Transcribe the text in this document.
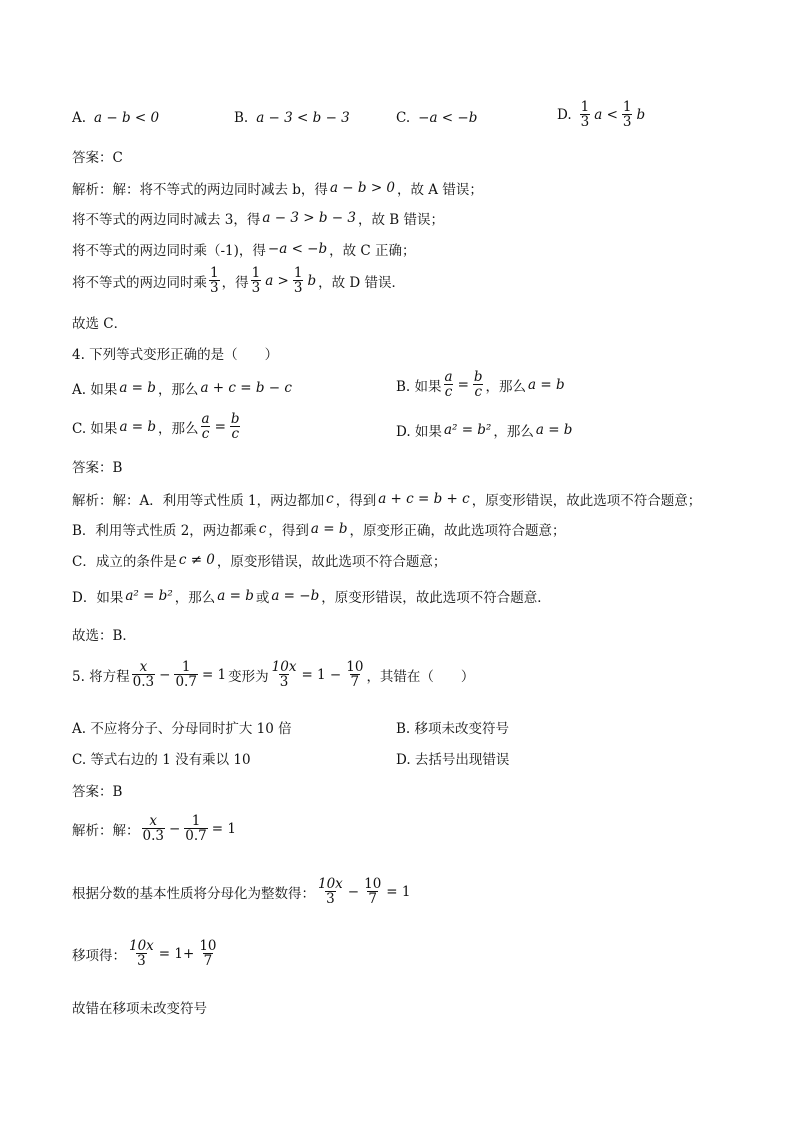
A. a − b < 0	B. a − 3 < b − 3	C. −a < −b	D. $\frac{1}{3}$ $a < \frac{1}{3}$ b
答案：C
解析：解：将不等式的两边同时减去 b，得 a − b > 0 ，故 A 错误；
将不等式的两边同时减去 3，得 a − 3 > b − 3 ，故 B 错误；
将不等式的两边同时乘（-1)，得 −a < −b ，故 C 正确；
将不等式的两边同时乘 $\frac{1}{3}$ ，得 $\frac{1}{3}$ $a > \frac{1}{3}$ b ，故 D 错误．
故选 C．
4. 下列等式变形正确的是（　　）
A. 如果 a = b ，那么 a + c = b − c	B. 如果 $\frac{a}{c} = \frac{b}{c}$ ，那么 a = b
C. 如果 a = b ，那么 $\frac{a}{c} = \frac{b}{c}$	D. 如果 a² = b² ，那么 a = b
答案：B
解析：解：A．利用等式性质 1，两边都加 c ，得到 a + c = b + c ，原变形错误，故此选项不符合题意；
B．利用等式性质 2，两边都乘 c ，得到 a = b ，原变形正确，故此选项符合题意；
C．成立的条件是 c ≠ 0 ，原变形错误，故此选项不符合题意；
D．如果 a² = b² ，那么 a = b 或 a = −b ，原变形错误，故此选项不符合题意．
故选：B．
5. 将方程 $\frac{x}{0.3} - \frac{1}{0.7} = 1$ 变形为 $\frac{10x}{3} = 1 - \frac{10}{7}$ ，其错在（　　）
A. 不应将分子、分母同时扩大 10 倍	B. 移项未改变符号
C. 等式右边的 1 没有乘以 10	D. 去括号出现错误
答案：B
解析：解： $\frac{x}{0.3} - \frac{1}{0.7} = 1$
根据分数的基本性质将分母化为整数得： $\frac{10x}{3} - \frac{10}{7} = 1$
移项得： $\frac{10x}{3} = 1+ \frac{10}{7}$
故错在移项未改变符号
